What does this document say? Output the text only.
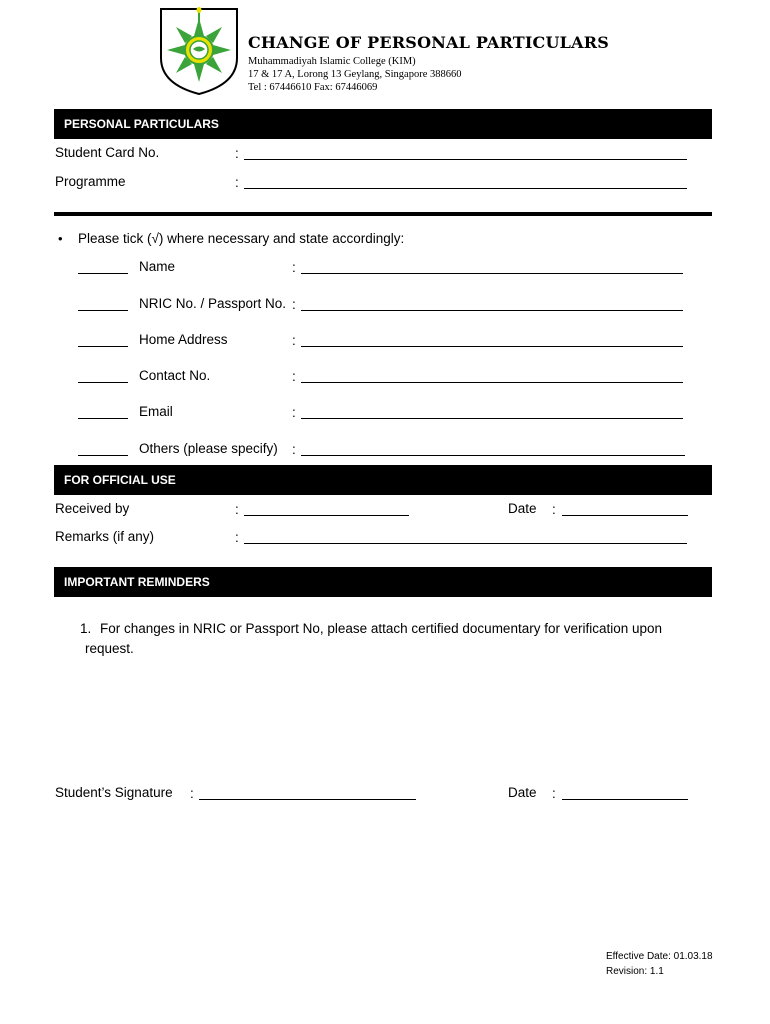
CHANGE OF PERSONAL PARTICULARS
Muhammadiyah Islamic College (KIM)
17 & 17 A, Lorong 13 Geylang, Singapore 388660
Tel : 67446610 Fax: 67446069
PERSONAL PARTICULARS
Student Card No.	:
Programme	:
• Please tick (√) where necessary and state accordingly:
Name	:
NRIC No. / Passport No. :
Home Address	:
Contact No.	:
Email	:
Others (please specify) :
FOR OFFICIAL USE
Received by	:	Date :
Remarks (if any)	:
IMPORTANT REMINDERS
1. For changes in NRIC or Passport No, please attach certified documentary for verification upon
request.
Student’s Signature :	Date :
Effective Date: 01.03.18
Revision: 1.1
